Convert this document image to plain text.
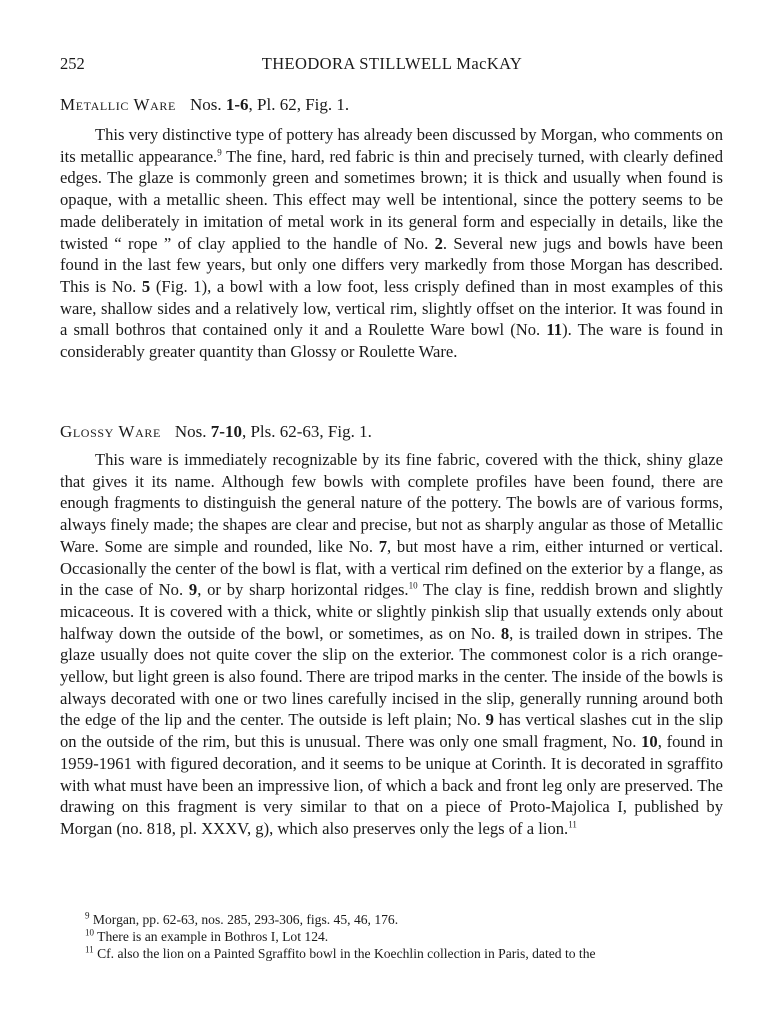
252	THEODORA STILLWELL MacKAY
Metallic Ware Nos. 1-6, Pl. 62, Fig. 1.

This very distinctive type of pottery has already been discussed by Morgan, who comments on its metallic appearance.$^9$ The fine, hard, red fabric is thin and precisely turned, with clearly defined edges. The glaze is commonly green and sometimes brown; it is thick and usually when found is opaque, with a metallic sheen. This effect may well be intentional, since the pottery seems to be made deliberately in imitation of metal work in its general form and especially in details, like the twisted “ rope ” of clay applied to the handle of No. 2. Several new jugs and bowls have been found in the last few years, but only one differs very markedly from those Morgan has described. This is No. 5 (Fig. 1), a bowl with a low foot, less crisply defined than in most examples of this ware, shallow sides and a relatively low, vertical rim, slightly offset on the interior. It was found in a small bothros that contained only it and a Roulette Ware bowl (No. 11). The ware is found in considerably greater quantity than Glossy or Roulette Ware.

Glossy Ware Nos. 7-10, Pls. 62-63, Fig. 1.

This ware is immediately recognizable by its fine fabric, covered with the thick, shiny glaze that gives it its name. Although few bowls with complete profiles have been found, there are enough fragments to distinguish the general nature of the pottery. The bowls are of various forms, always finely made; the shapes are clear and precise, but not as sharply angular as those of Metallic Ware. Some are simple and rounded, like No. 7, but most have a rim, either inturned or vertical. Occasionally the center of the bowl is flat, with a vertical rim defined on the exterior by a flange, as in the case of No. 9, or by sharp horizontal ridges.$^{10}$ The clay is fine, reddish brown and slightly micaceous. It is covered with a thick, white or slightly pinkish slip that usually extends only about halfway down the outside of the bowl, or sometimes, as on No. 8, is trailed down in stripes. The glaze usually does not quite cover the slip on the exterior. The commonest color is a rich orange-yellow, but light green is also found. There are tripod marks in the center. The inside of the bowls is always decorated with one or two lines carefully incised in the slip, generally running around both the edge of the lip and the center. The outside is left plain; No. 9 has vertical slashes cut in the slip on the outside of the rim, but this is unusual. There was only one small fragment, No. 10, found in 1959-1961 with figured decoration, and it seems to be unique at Corinth. It is decorated in sgraffito with what must have been an impressive lion, of which a back and front leg only are preserved. The drawing on this fragment is very similar to that on a piece of Proto-Majolica I, published by Morgan (no. 818, pl. XXXV, g), which also preserves only the legs of a lion.$^{11}$

$^9$ Morgan, pp. 62-63, nos. 285, 293-306, figs. 45, 46, 176.
$^{10}$ There is an example in Bothros I, Lot 124.
$^{11}$ Cf. also the lion on a Painted Sgraffito bowl in the Koechlin collection in Paris, dated to the
